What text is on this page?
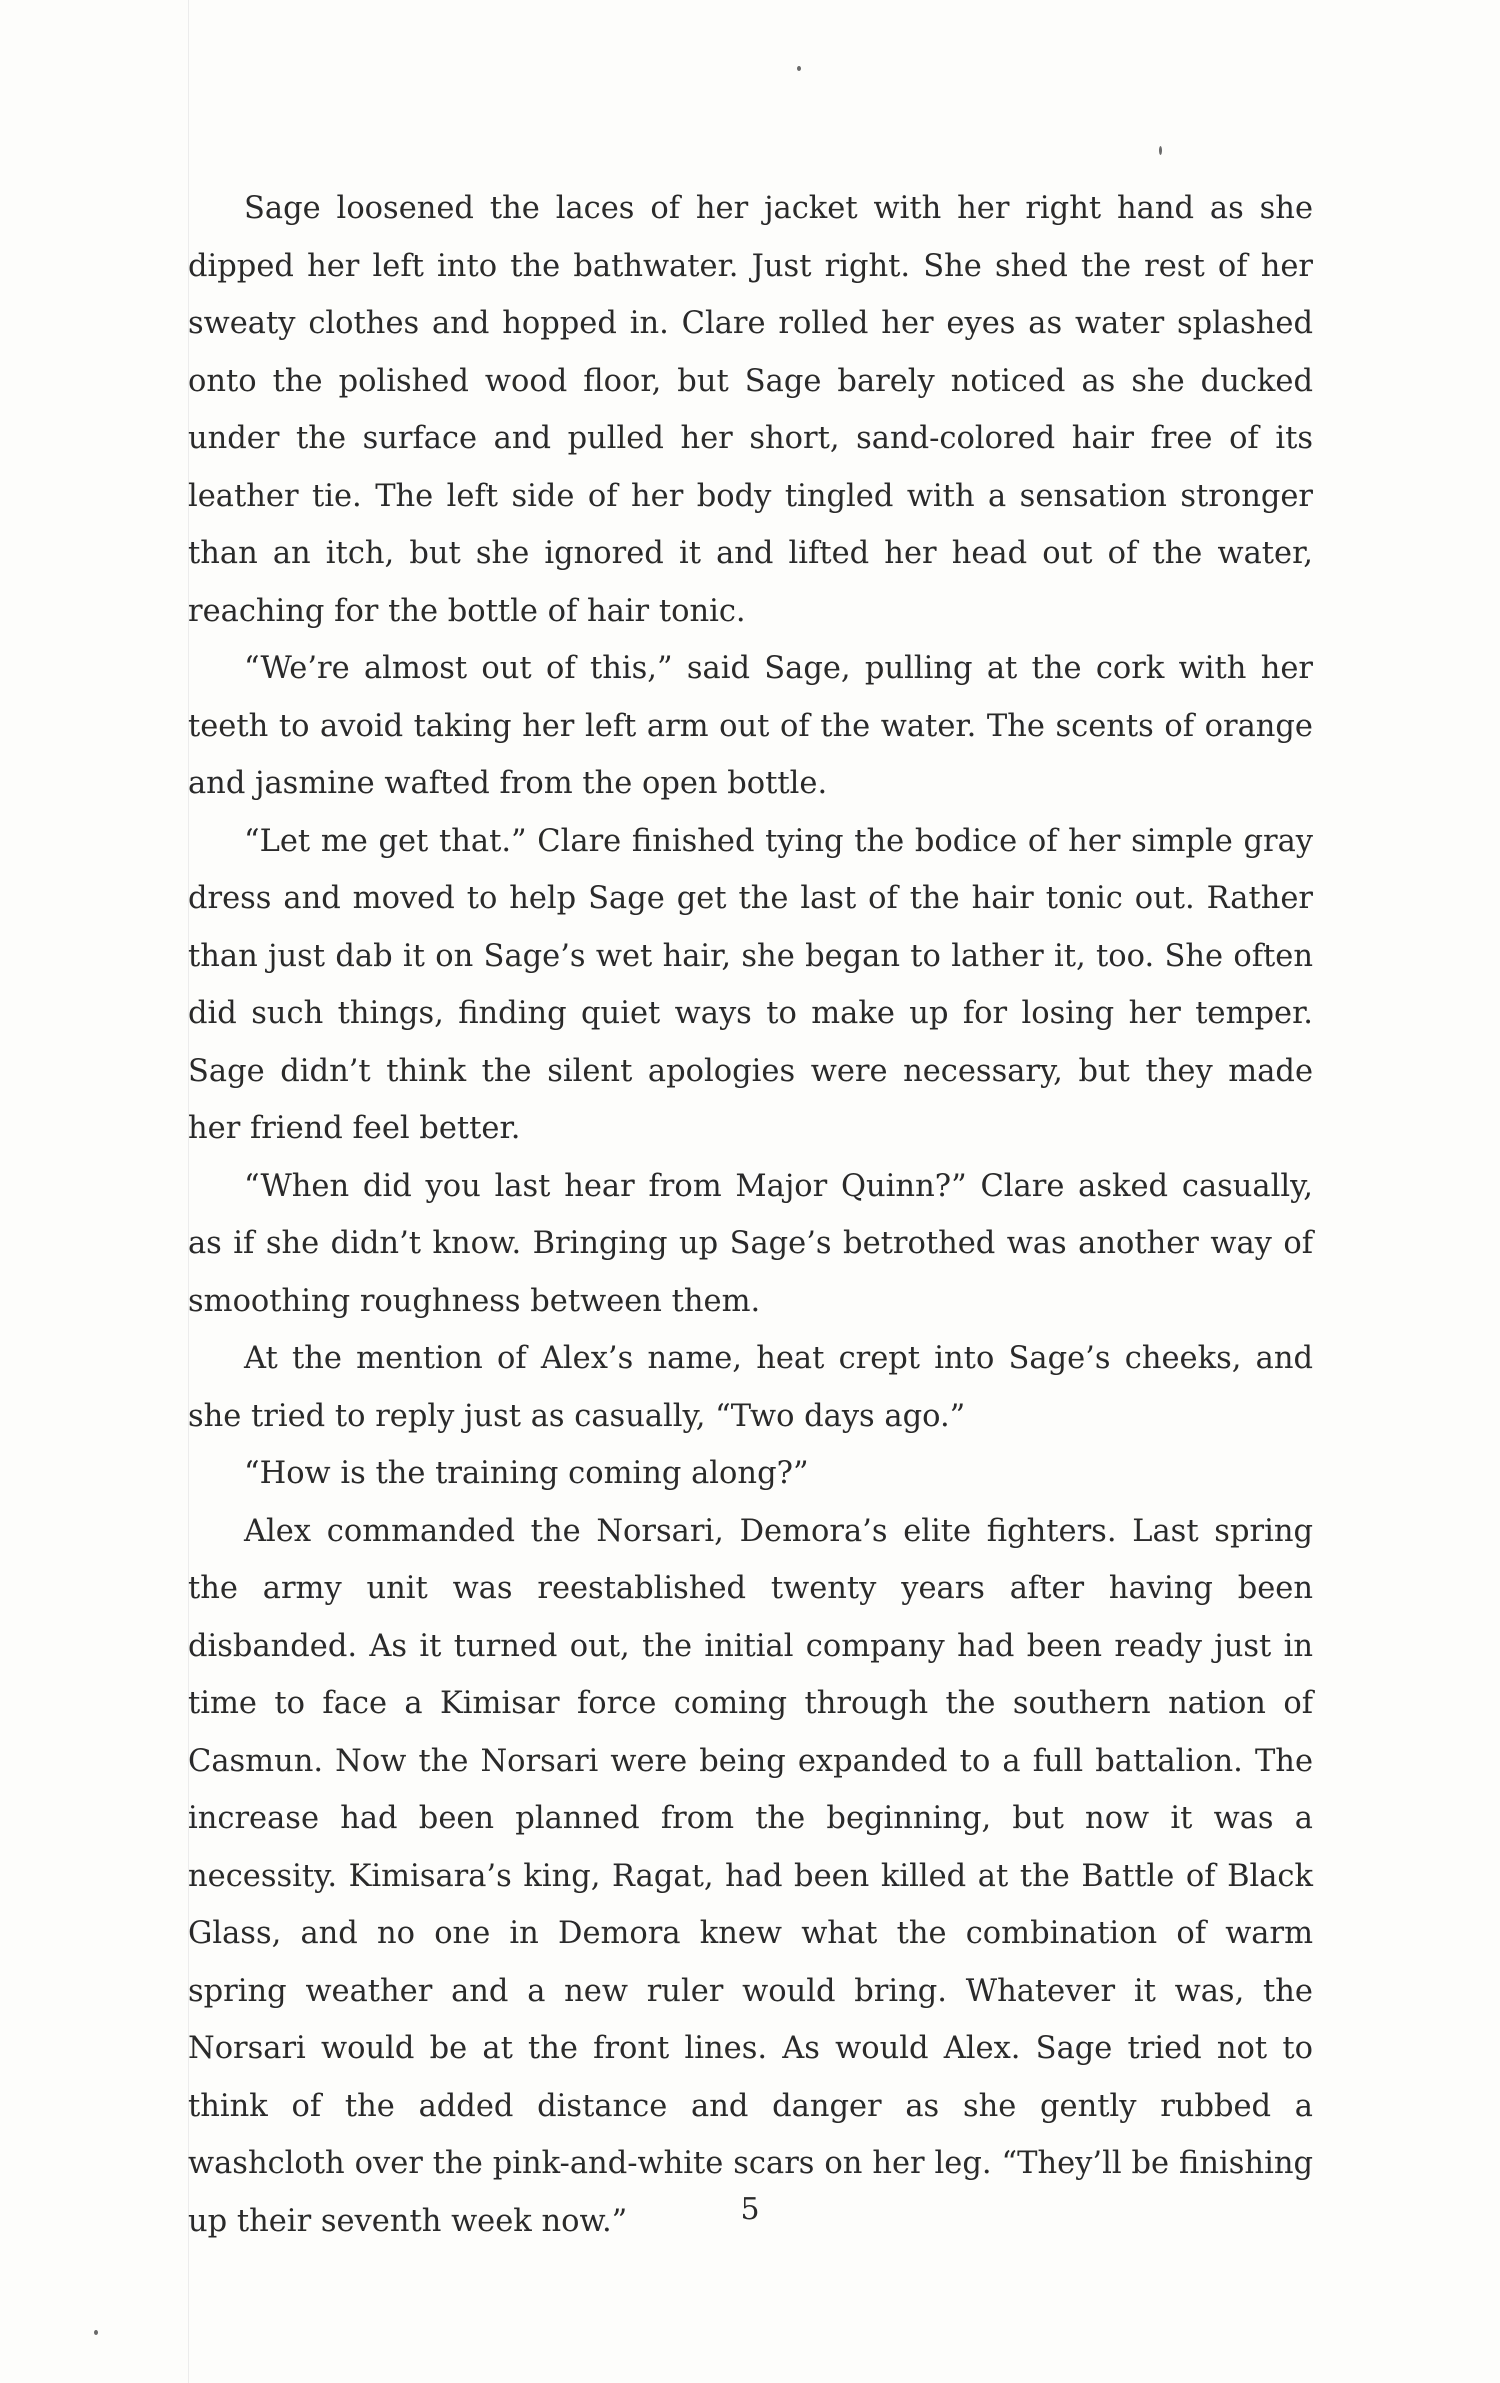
Sage loosened the laces of her jacket with her right hand as she dipped her left into the bathwater. Just right. She shed the rest of her sweaty clothes and hopped in. Clare rolled her eyes as water splashed onto the polished wood floor, but Sage barely noticed as she ducked under the surface and pulled her short, sand-colored hair free of its leather tie. The left side of her body tingled with a sensation stronger than an itch, but she ignored it and lifted her head out of the water, reaching for the bottle of hair tonic.

“We’re almost out of this,” said Sage, pulling at the cork with her teeth to avoid taking her left arm out of the water. The scents of orange and jasmine wafted from the open bottle.

“Let me get that.” Clare finished tying the bodice of her simple gray dress and moved to help Sage get the last of the hair tonic out. Rather than just dab it on Sage’s wet hair, she began to lather it, too. She often did such things, finding quiet ways to make up for losing her temper. Sage didn’t think the silent apologies were necessary, but they made her friend feel better.

“When did you last hear from Major Quinn?” Clare asked casually, as if she didn’t know. Bringing up Sage’s betrothed was another way of smoothing roughness between them.

At the mention of Alex’s name, heat crept into Sage’s cheeks, and she tried to reply just as casually, “Two days ago.”

“How is the training coming along?”

Alex commanded the Norsari, Demora’s elite fighters. Last spring the army unit was reestablished twenty years after having been disbanded. As it turned out, the initial company had been ready just in time to face a Kimisar force coming through the southern nation of Casmun. Now the Norsari were being expanded to a full battalion. The increase had been planned from the beginning, but now it was a necessity. Kimisara’s king, Ragat, had been killed at the Battle of Black Glass, and no one in Demora knew what the combination of warm spring weather and a new ruler would bring. Whatever it was, the Norsari would be at the front lines. As would Alex. Sage tried not to think of the added distance and danger as she gently rubbed a washcloth over the pink-and-white scars on her leg. “They’ll be finishing up their seventh week now.”	5
